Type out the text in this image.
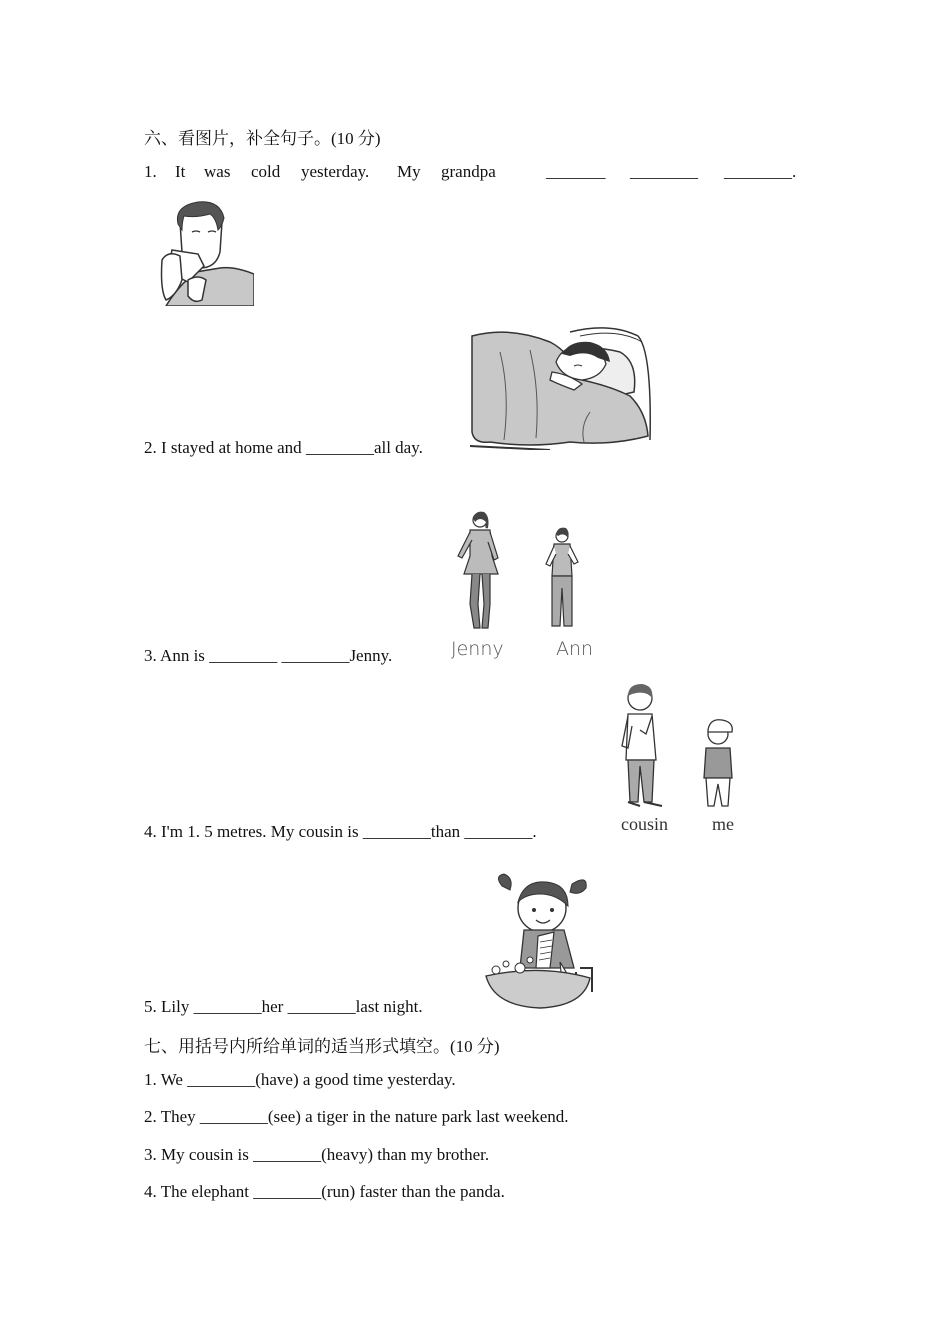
六、看图片，补全句子。(10 分)
1. It was cold yesterday. My grandpa	_______ ________ ________.
2. I stayed at home and ________all day.
3. Ann is ________ ________Jenny.	Jenny	Ann
4. I'm 1. 5 metres. My cousin is ________than ________.	cousin me
5. Lily ________her ________last night.
七、用括号内所给单词的适当形式填空。(10 分)
1. We ________(have) a good time yesterday.
2. They ________(see) a tiger in the nature park last weekend.
3. My cousin is ________(heavy) than my brother.
4. The elephant ________(run) faster than the panda.
